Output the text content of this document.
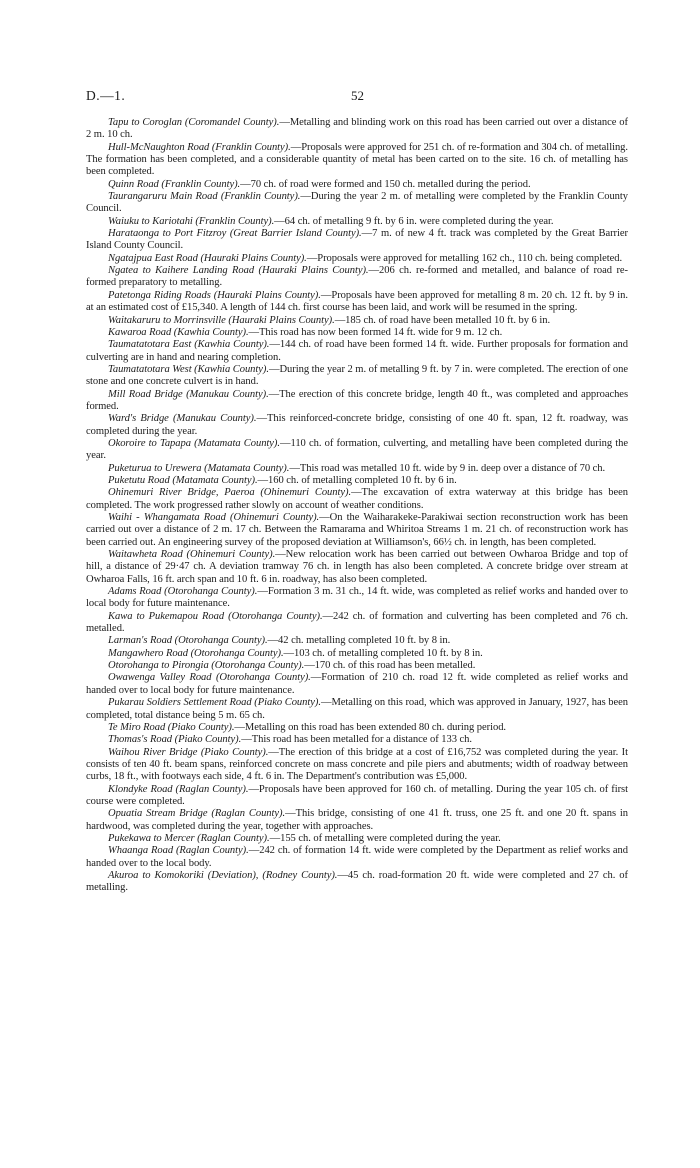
D.—1.	52

Tapu to Coroglan (Coromandel County).—Metalling and blinding work on this road has been carried out over a distance of 2 m. 10 ch.

Hull-McNaughton Road (Franklin County).—Proposals were approved for 251 ch. of re-formation and 304 ch. of metalling. The formation has been completed, and a considerable quantity of metal has been carted on to the site. 16 ch. of metalling has been completed.

Quinn Road (Franklin County).—70 ch. of road were formed and 150 ch. metalled during the period.

Taurangaruru Main Road (Franklin County).—During the year 2 m. of metalling were completed by the Franklin County Council.

Waiuku to Kariotahi (Franklin County).—64 ch. of metalling 9 ft. by 6 in. were completed during the year.

Harataonga to Port Fitzroy (Great Barrier Island County).—7 m. of new 4 ft. track was completed by the Great Barrier Island County Council.

Ngatajpua East Road (Hauraki Plains County).—Proposals were approved for metalling 162 ch., 110 ch. being completed.

Ngatea to Kaihere Landing Road (Hauraki Plains County).—206 ch. re-formed and metalled, and balance of road re-formed preparatory to metalling.

Patetonga Riding Roads (Hauraki Plains County).—Proposals have been approved for metalling 8 m. 20 ch. 12 ft. by 9 in. at an estimated cost of £15,340. A length of 144 ch. first course has been laid, and work will be resumed in the spring.

Waitakaruru to Morrinsville (Hauraki Plains County).—185 ch. of road have been metalled 10 ft. by 6 in.

Kawaroa Road (Kawhia County).—This road has now been formed 14 ft. wide for 9 m. 12 ch.

Taumatatotara East (Kawhia County).—144 ch. of road have been formed 14 ft. wide. Further proposals for formation and culverting are in hand and nearing completion.

Taumatatotara West (Kawhia County).—During the year 2 m. of metalling 9 ft. by 7 in. were completed. The erection of one stone and one concrete culvert is in hand.

Mill Road Bridge (Manukau County).—The erection of this concrete bridge, length 40 ft., was completed and approaches formed.

Ward's Bridge (Manukau County).—This reinforced-concrete bridge, consisting of one 40 ft. span, 12 ft. roadway, was completed during the year.

Okoroire to Tapapa (Matamata County).—110 ch. of formation, culverting, and metalling have been completed during the year.

Puketurua to Urewera (Matamata County).—This road was metalled 10 ft. wide by 9 in. deep over a distance of 70 ch.

Puketutu Road (Matamata County).—160 ch. of metalling completed 10 ft. by 6 in.

Ohinemuri River Bridge, Paeroa (Ohinemuri County).—The excavation of extra waterway at this bridge has been completed. The work progressed rather slowly on account of weather conditions.

Waihi - Whangamata Road (Ohinemuri County).—On the Waiharakeke-Parakiwai section reconstruction work has been carried out over a distance of 2 m. 17 ch. Between the Ramarama and Whiritoa Streams 1 m. 21 ch. of reconstruction work has been carried out. An engineering survey of the proposed deviation at Williamson's, 66½ ch. in length, has been completed.

Waitawheta Road (Ohinemuri County).—New relocation work has been carried out between Owharoa Bridge and top of hill, a distance of 29·47 ch. A deviation tramway 76 ch. in length has also been completed. A concrete bridge over stream at Owharoa Falls, 16 ft. arch span and 10 ft. 6 in. roadway, has also been completed.

Adams Road (Otorohanga County).—Formation 3 m. 31 ch., 14 ft. wide, was completed as relief works and handed over to local body for future maintenance.

Kawa to Pukemapou Road (Otorohanga County).—242 ch. of formation and culverting has been completed and 76 ch. metalled.

Larman's Road (Otorohanga County).—42 ch. metalling completed 10 ft. by 8 in.

Mangawhero Road (Otorohanga County).—103 ch. of metalling completed 10 ft. by 8 in.

Otorohanga to Pirongia (Otorohanga County).—170 ch. of this road has been metalled.

Owawenga Valley Road (Otorohanga County).—Formation of 210 ch. road 12 ft. wide completed as relief works and handed over to local body for future maintenance.

Pukarau Soldiers Settlement Road (Piako County).—Metalling on this road, which was approved in January, 1927, has been completed, total distance being 5 m. 65 ch.

Te Miro Road (Piako County).—Metalling on this road has been extended 80 ch. during period.

Thomas's Road (Piako County).—This road has been metalled for a distance of 133 ch.

Waihou River Bridge (Piako County).—The erection of this bridge at a cost of £16,752 was completed during the year. It consists of ten 40 ft. beam spans, reinforced concrete on mass concrete and pile piers and abutments; width of roadway between curbs, 18 ft., with footways each side, 4 ft. 6 in. The Department's contribution was £5,000.

Klondyke Road (Raglan County).—Proposals have been approved for 160 ch. of metalling. During the year 105 ch. of first course were completed.

Opuatia Stream Bridge (Raglan County).—This bridge, consisting of one 41 ft. truss, one 25 ft. and one 20 ft. spans in hardwood, was completed during the year, together with approaches.

Pukekawa to Mercer (Raglan County).—155 ch. of metalling were completed during the year.

Whaanga Road (Raglan County).—242 ch. of formation 14 ft. wide were completed by the Department as relief works and handed over to the local body.

Akuroa to Komokoriki (Deviation), (Rodney County).—45 ch. road-formation 20 ft. wide were completed and 27 ch. of metalling.
